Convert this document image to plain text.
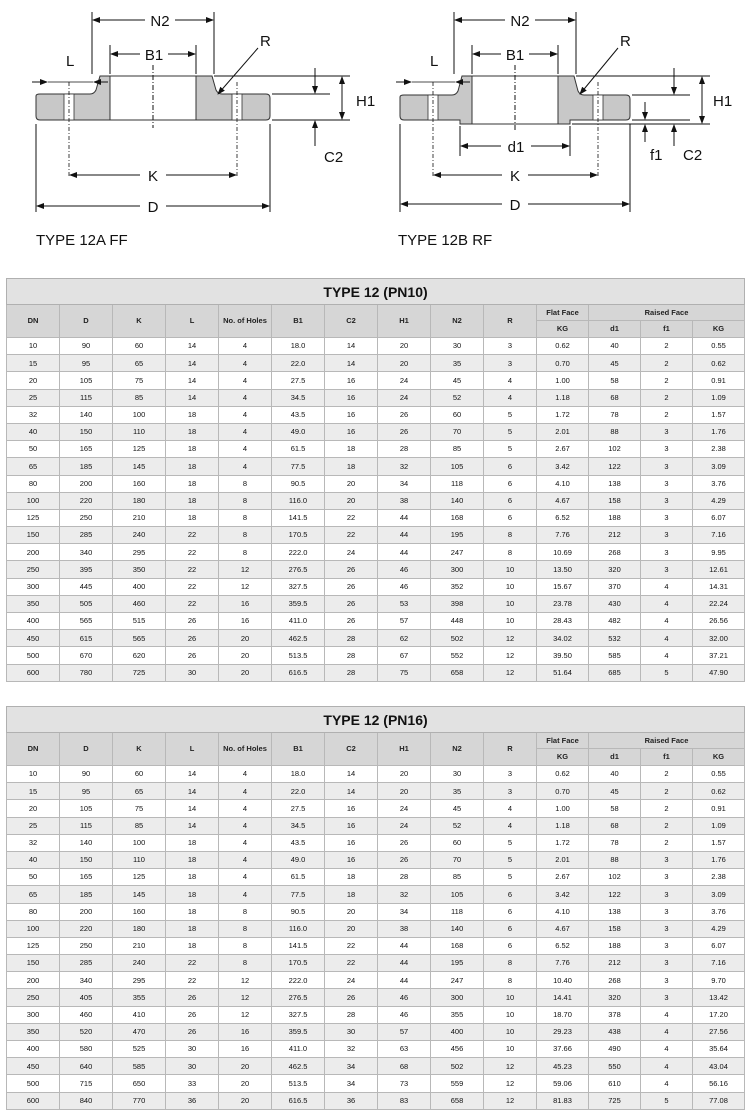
N2
B1
R
L
H1
C2
K
D
TYPE 12A FF
N2
B1
R
L
H1
C2
f1
d1
K
D
TYPE 12B RF
TYPE 12 (PN10)													
DN	D	K	L	No. of Holes	B1	C2	H1	N2	R	Flat Face	Raised Face		
										KG	d1	f1	KG
10	90	60	14	4	18.0	14	20	30	3	0.62	40	2	0.55
15	95	65	14	4	22.0	14	20	35	3	0.70	45	2	0.62
20	105	75	14	4	27.5	16	24	45	4	1.00	58	2	0.91
25	115	85	14	4	34.5	16	24	52	4	1.18	68	2	1.09
32	140	100	18	4	43.5	16	26	60	5	1.72	78	2	1.57
40	150	110	18	4	49.0	16	26	70	5	2.01	88	3	1.76
50	165	125	18	4	61.5	18	28	85	5	2.67	102	3	2.38
65	185	145	18	4	77.5	18	32	105	6	3.42	122	3	3.09
80	200	160	18	8	90.5	20	34	118	6	4.10	138	3	3.76
100	220	180	18	8	116.0	20	38	140	6	4.67	158	3	4.29
125	250	210	18	8	141.5	22	44	168	6	6.52	188	3	6.07
150	285	240	22	8	170.5	22	44	195	8	7.76	212	3	7.16
200	340	295	22	8	222.0	24	44	247	8	10.69	268	3	9.95
250	395	350	22	12	276.5	26	46	300	10	13.50	320	3	12.61
300	445	400	22	12	327.5	26	46	352	10	15.67	370	4	14.31
350	505	460	22	16	359.5	26	53	398	10	23.78	430	4	22.24
400	565	515	26	16	411.0	26	57	448	10	28.43	482	4	26.56
450	615	565	26	20	462.5	28	62	502	12	34.02	532	4	32.00
500	670	620	26	20	513.5	28	67	552	12	39.50	585	4	37.21
600	780	725	30	20	616.5	28	75	658	12	51.64	685	5	47.90
TYPE 12 (PN16)													
DN	D	K	L	No. of Holes	B1	C2	H1	N2	R	Flat Face	Raised Face		
										KG	d1	f1	KG
10	90	60	14	4	18.0	14	20	30	3	0.62	40	2	0.55
15	95	65	14	4	22.0	14	20	35	3	0.70	45	2	0.62
20	105	75	14	4	27.5	16	24	45	4	1.00	58	2	0.91
25	115	85	14	4	34.5	16	24	52	4	1.18	68	2	1.09
32	140	100	18	4	43.5	16	26	60	5	1.72	78	2	1.57
40	150	110	18	4	49.0	16	26	70	5	2.01	88	3	1.76
50	165	125	18	4	61.5	18	28	85	5	2.67	102	3	2.38
65	185	145	18	4	77.5	18	32	105	6	3.42	122	3	3.09
80	200	160	18	8	90.5	20	34	118	6	4.10	138	3	3.76
100	220	180	18	8	116.0	20	38	140	6	4.67	158	3	4.29
125	250	210	18	8	141.5	22	44	168	6	6.52	188	3	6.07
150	285	240	22	8	170.5	22	44	195	8	7.76	212	3	7.16
200	340	295	22	12	222.0	24	44	247	8	10.40	268	3	9.70
250	405	355	26	12	276.5	26	46	300	10	14.41	320	3	13.42
300	460	410	26	12	327.5	28	46	355	10	18.70	378	4	17.20
350	520	470	26	16	359.5	30	57	400	10	29.23	438	4	27.56
400	580	525	30	16	411.0	32	63	456	10	37.66	490	4	35.64
450	640	585	30	20	462.5	34	68	502	12	45.23	550	4	43.04
500	715	650	33	20	513.5	34	73	559	12	59.06	610	4	56.16
600	840	770	36	20	616.5	36	83	658	12	81.83	725	5	77.08
